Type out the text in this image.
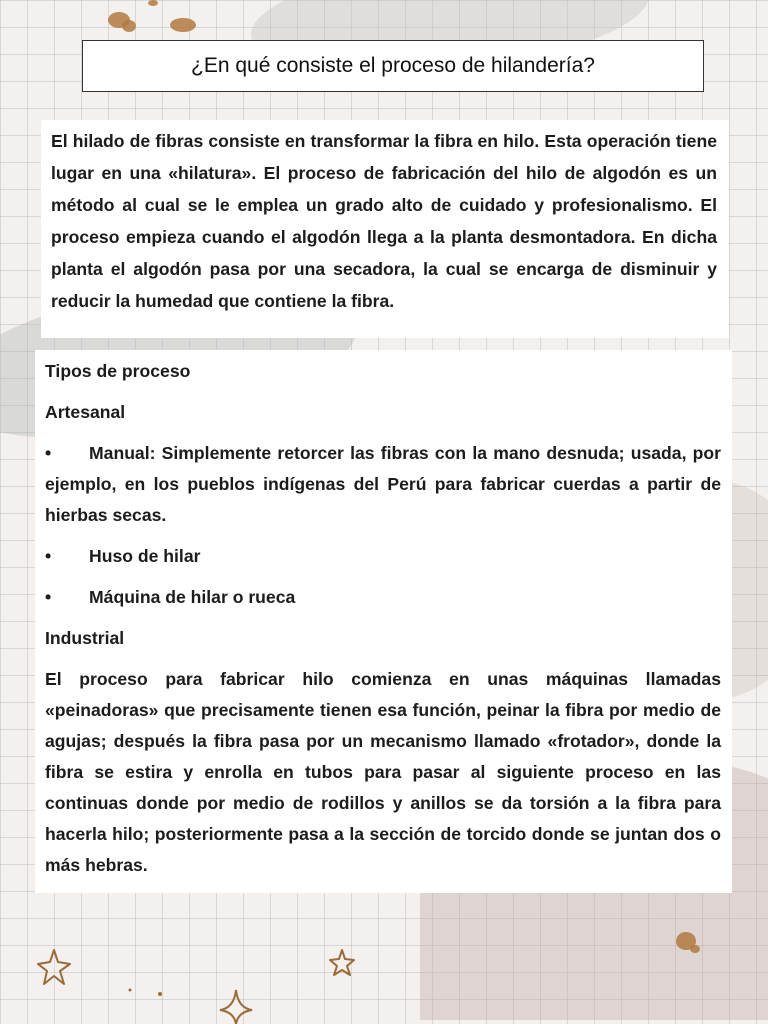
¿En qué consiste el proceso de hilandería?

El hilado de fibras consiste en transformar la fibra en hilo. Esta operación tiene lugar en una «hilatura». El proceso de fabricación del hilo de algodón es un método al cual se le emplea un grado alto de cuidado y profesionalismo. El proceso empieza cuando el algodón llega a la planta desmontadora. En dicha planta el algodón pasa por una secadora, la cual se encarga de disminuir y reducir la humedad que contiene la fibra.

Tipos de proceso

Artesanal

• Manual: Simplemente retorcer las fibras con la mano desnuda; usada, por ejemplo, en los pueblos indígenas del Perú para fabricar cuerdas a partir de hierbas secas.

•	Huso de hilar

•	Máquina de hilar o rueca

Industrial

El proceso para fabricar hilo comienza en unas máquinas llamadas «peinadoras» que precisamente tienen esa función, peinar la fibra por medio de agujas; después la fibra pasa por un mecanismo llamado «frotador», donde la fibra se estira y enrolla en tubos para pasar al siguiente proceso en las continuas donde por medio de rodillos y anillos se da torsión a la fibra para hacerla hilo; posteriormente pasa a la sección de torcido donde se juntan dos o más hebras.
